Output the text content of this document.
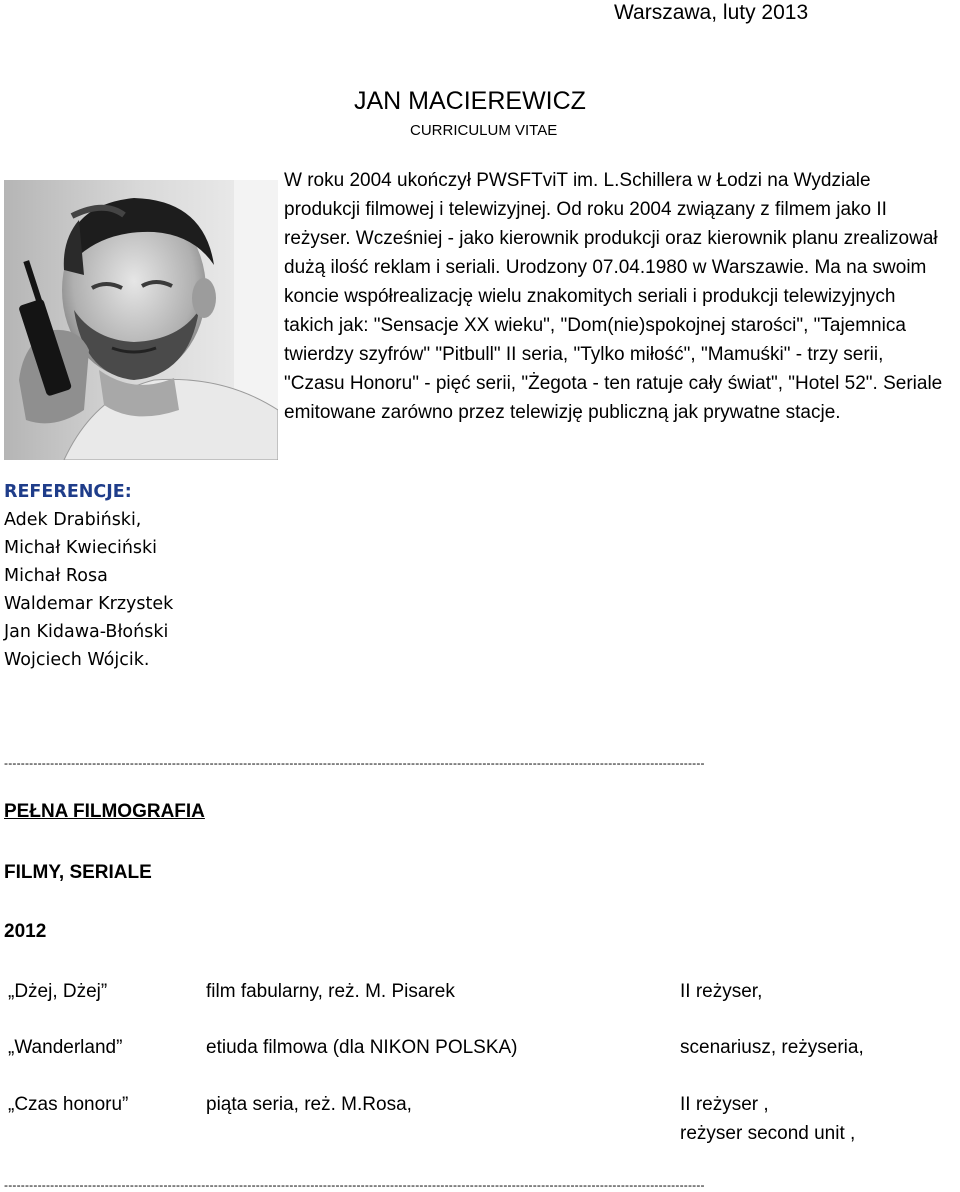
Warszawa, luty 2013
JAN MACIEREWICZ
CURRICULUM VITAE

W roku 2004 ukończył PWSFTviT im. L.Schillera w Łodzi na Wydziale produkcji filmowej i telewizyjnej. Od roku 2004 związany z filmem jako II reżyser. Wcześniej - jako kierownik produkcji oraz kierownik planu zrealizował dużą ilość reklam i seriali. Urodzony 07.04.1980 w Warszawie. Ma na swoim koncie współrealizację wielu znakomitych seriali i produkcji telewizyjnych takich jak: "Sensacje XX wieku", "Dom(nie)spokojnej starości", "Tajemnica twierdzy szyfrów" "Pitbull" II seria, "Tylko miłość", "Mamuśki" - trzy serii, "Czasu Honoru" - pięć serii, "Żegota - ten ratuje cały świat", "Hotel 52". Seriale emitowane zarówno przez telewizję publiczną jak prywatne stacje.

REFERENCJE:
Adek Drabiński,
Michał Kwieciński
Michał Rosa
Waldemar Krzystek
Jan Kidawa-Błoński
Wojciech Wójcik.
-----------------------------------------------------------------------------------------------------------------------------------------------------------------------
PEŁNA FILMOGRAFIA
FILMY, SERIALE
2012
„Dżej, Dżej”	film fabularny, reż. M. Pisarek	II reżyser,
„Wanderland”	etiuda filmowa (dla NIKON POLSKA)	scenariusz, reżyseria,
„Czas honoru”	piąta seria, reż. M.Rosa,	II reżyser ,
reżyser second unit ,
-----------------------------------------------------------------------------------------------------------------------------------------------------------------------
